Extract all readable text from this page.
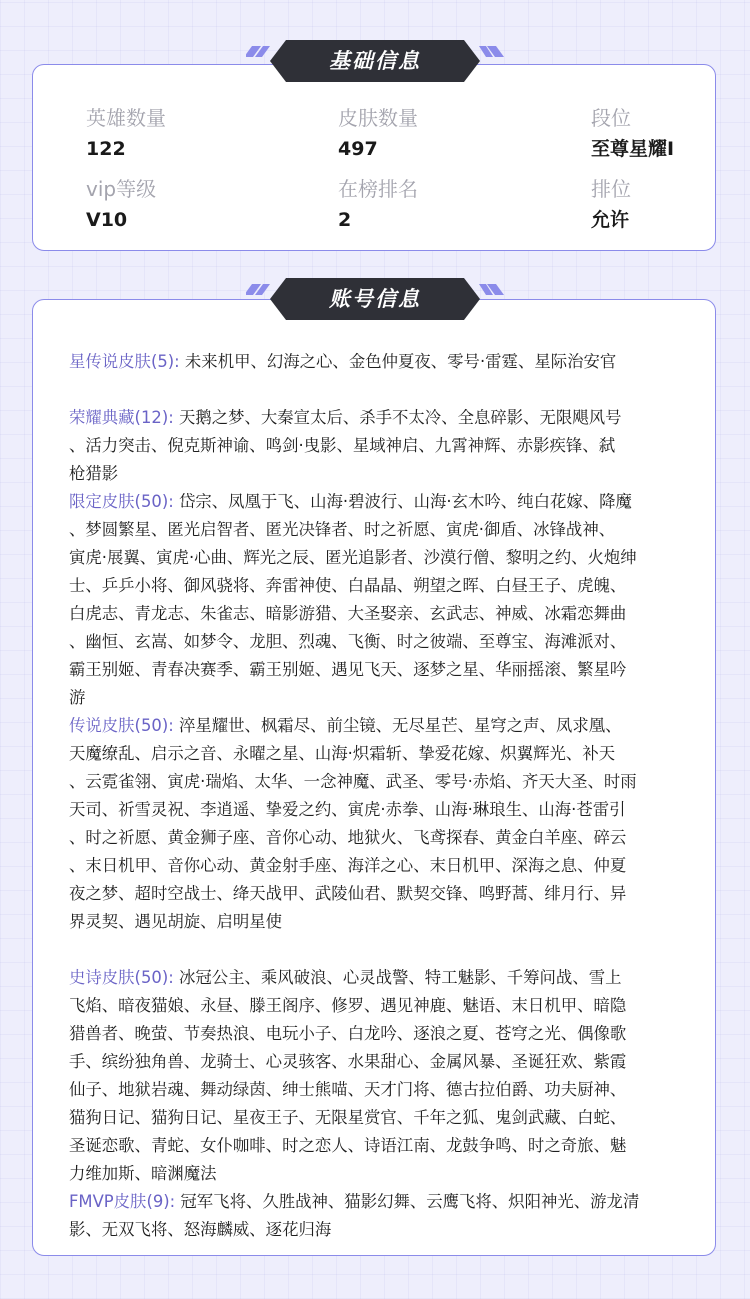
英雄数量
122
皮肤数量
497
段位
至尊星耀I
vip等级
V10
在榜排名
2
排位
允许
基础信息
星传说皮肤(5): 未来机甲、幻海之心、金色仲夏夜、零号·雷霆、星际治安官
荣耀典藏(12): 天鹅之梦、大秦宣太后、杀手不太冷、全息碎影、无限飓风号
、活力突击、倪克斯神谕、鸣剑·曳影、星域神启、九霄神辉、赤影疾锋、弑
枪猎影
限定皮肤(50): 岱宗、凤凰于飞、山海·碧波行、山海·玄木吟、纯白花嫁、降魔
、梦圆繁星、匿光启智者、匿光决锋者、时之祈愿、寅虎·御盾、冰锋战神、
寅虎·展翼、寅虎·心曲、辉光之辰、匿光追影者、沙漠行僧、黎明之约、火炮绅
士、乒乒小将、御风骁将、奔雷神使、白晶晶、朔望之晖、白昼王子、虎魄、
白虎志、青龙志、朱雀志、暗影游猎、大圣娶亲、玄武志、神威、冰霜恋舞曲
、幽恒、玄嵩、如梦令、龙胆、烈魂、飞衡、时之彼端、至尊宝、海滩派对、
霸王别姬、青春决赛季、霸王别姬、遇见飞天、逐梦之星、华丽摇滚、繁星吟
游
传说皮肤(50): 淬星耀世、枫霜尽、前尘镜、无尽星芒、星穹之声、凤求凰、
天魔缭乱、启示之音、永曜之星、山海·炽霜斩、挚爱花嫁、炽翼辉光、补天
、云霓雀翎、寅虎·瑞焰、太华、一念神魔、武圣、零号·赤焰、齐天大圣、时雨
天司、祈雪灵祝、李逍遥、挚爱之约、寅虎·赤拳、山海·琳琅生、山海·苍雷引
、时之祈愿、黄金狮子座、音你心动、地狱火、飞鸢探春、黄金白羊座、碎云
、末日机甲、音你心动、黄金射手座、海洋之心、末日机甲、深海之息、仲夏
夜之梦、超时空战士、绛天战甲、武陵仙君、默契交锋、鸣野蒿、绯月行、异
界灵契、遇见胡旋、启明星使
史诗皮肤(50): 冰冠公主、乘风破浪、心灵战警、特工魅影、千筹问战、雪上
飞焰、暗夜猫娘、永昼、滕王阁序、修罗、遇见神鹿、魅语、末日机甲、暗隐
猎兽者、晚萤、节奏热浪、电玩小子、白龙吟、逐浪之夏、苍穹之光、偶像歌
手、缤纷独角兽、龙骑士、心灵骇客、水果甜心、金属风暴、圣诞狂欢、紫霞
仙子、地狱岩魂、舞动绿茵、绅士熊喵、天才门将、德古拉伯爵、功夫厨神、
猫狗日记、猫狗日记、星夜王子、无限星赏官、千年之狐、鬼剑武藏、白蛇、
圣诞恋歌、青蛇、女仆咖啡、时之恋人、诗语江南、龙鼓争鸣、时之奇旅、魅
力维加斯、暗渊魔法
FMVP皮肤(9): 冠军飞将、久胜战神、猫影幻舞、云鹰飞将、炽阳神光、游龙清
影、无双飞将、怒海麟威、逐花归海
账号信息
